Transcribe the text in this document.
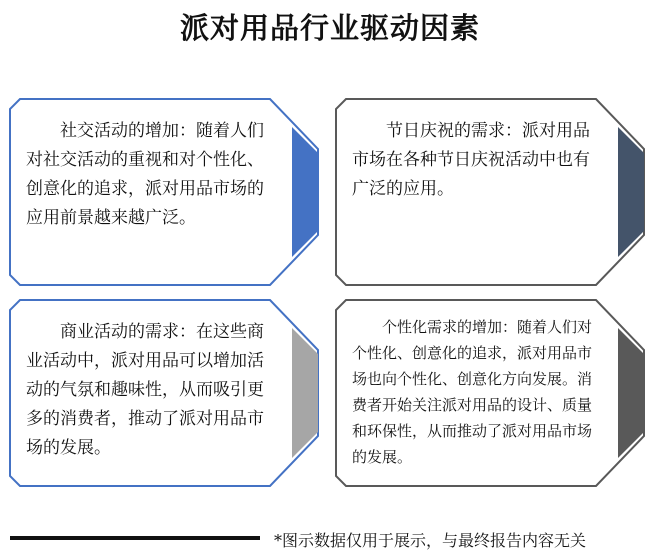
派对用品行业驱动因素
社交活动的增加：随着人们对社交活动的重视和对个性化、创意化的追求，派对用品市场的应用前景越来越广泛。
节日庆祝的需求：派对用品市场在各种节日庆祝活动中也有广泛的应用。
商业活动的需求：在这些商业活动中，派对用品可以增加活动的气氛和趣味性，从而吸引更多的消费者，推动了派对用品市场的发展。
个性化需求的增加：随着人们对个性化、创意化的追求，派对用品市场也向个性化、创意化方向发展。消费者开始关注派对用品的设计、质量和环保性，从而推动了派对用品市场的发展。
*图示数据仅用于展示，与最终报告内容无关
